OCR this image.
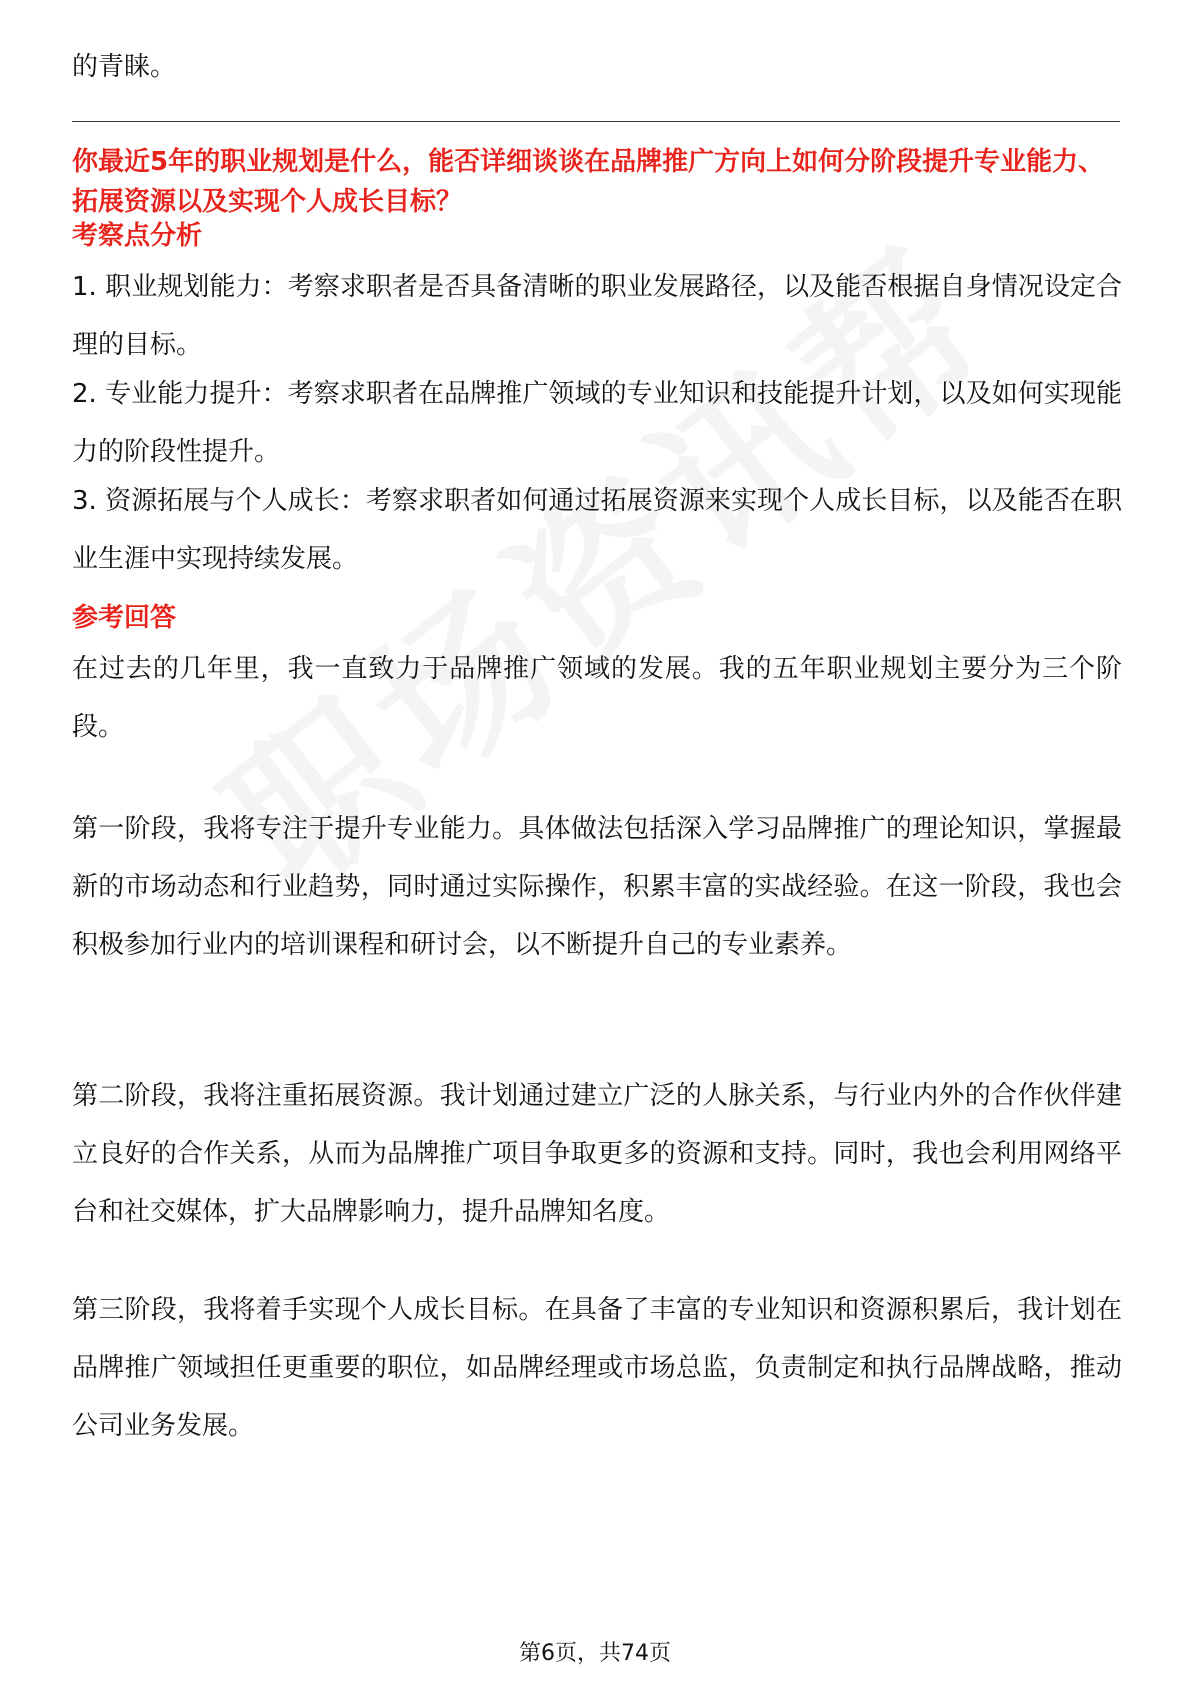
的青睐。

你最近5年的职业规划是什么，能否详细谈谈在品牌推广方向上如何分阶段提升专业能力、拓展资源以及实现个人成长目标？

考察点分析

1. 职业规划能力：考察求职者是否具备清晰的职业发展路径，以及能否根据自身情况设定合理的目标。

2. 专业能力提升：考察求职者在品牌推广领域的专业知识和技能提升计划，以及如何实现能力的阶段性提升。

3. 资源拓展与个人成长：考察求职者如何通过拓展资源来实现个人成长目标，以及能否在职业生涯中实现持续发展。

参考回答

在过去的几年里，我一直致力于品牌推广领域的发展。我的五年职业规划主要分为三个阶段。

第一阶段，我将专注于提升专业能力。具体做法包括深入学习品牌推广的理论知识，掌握最新的市场动态和行业趋势，同时通过实际操作，积累丰富的实战经验。在这一阶段，我也会积极参加行业内的培训课程和研讨会，以不断提升自己的专业素养。

第二阶段，我将注重拓展资源。我计划通过建立广泛的人脉关系，与行业内外的合作伙伴建立良好的合作关系，从而为品牌推广项目争取更多的资源和支持。同时，我也会利用网络平台和社交媒体，扩大品牌影响力，提升品牌知名度。

第三阶段，我将着手实现个人成长目标。在具备了丰富的专业知识和资源积累后，我计划在品牌推广领域担任更重要的职位，如品牌经理或市场总监，负责制定和执行品牌战略，推动公司业务发展。

第6页，共74页
